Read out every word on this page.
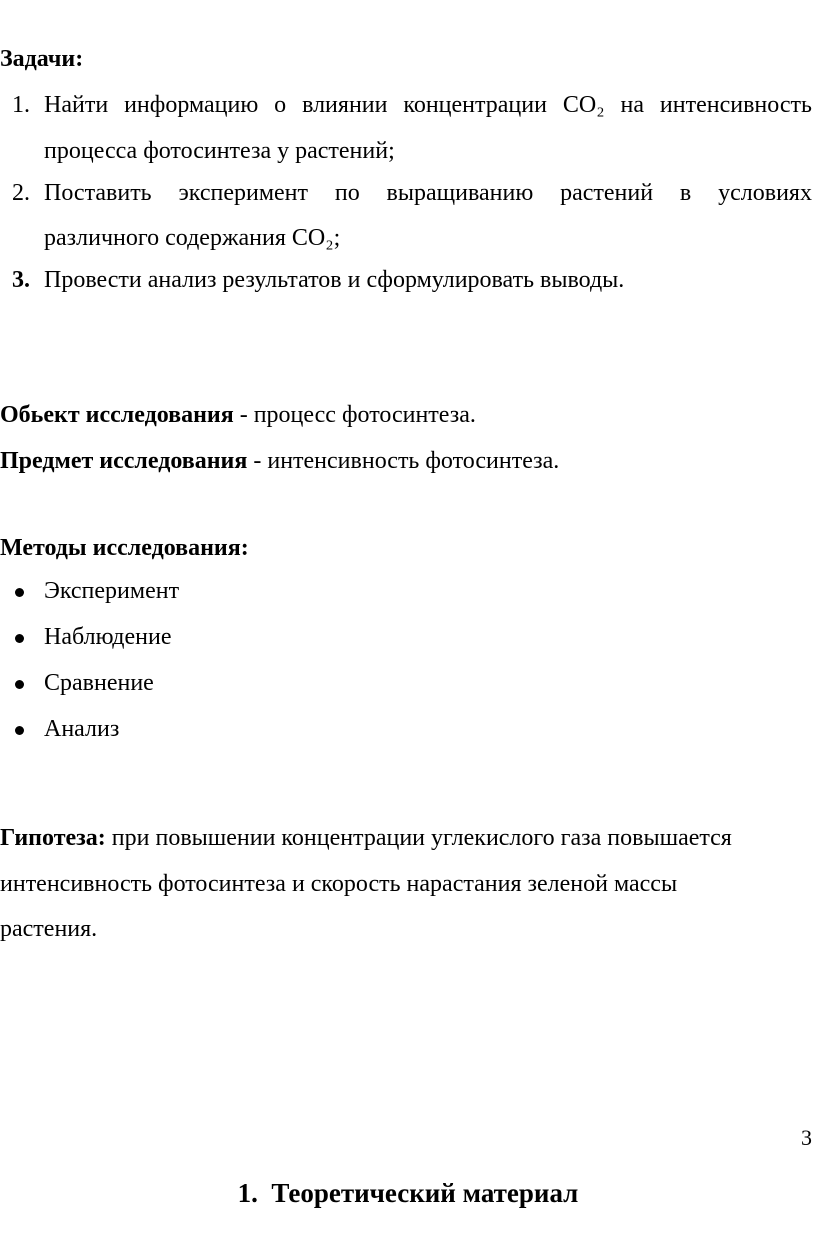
Задачи:
1. Найти информацию о влиянии концентрации CO₂ на интенсивность
процесса фотосинтеза у растений;
2. Поставить эксперимент по выращиванию растений в условиях
различного содержания CO₂;
3. Провести анализ результатов и сформулировать выводы.
Обьект исследования - процесс фотосинтеза.
Предмет исследования - интенсивность фотосинтеза.
Методы исследования:
Эксперимент
Наблюдение
Сравнение
Анализ
Гипотеза: при повышении концентрации углекислого газа повышается
интенсивность фотосинтеза и скорость нарастания зеленой массы
растения.
3
1. Теоретический материал
